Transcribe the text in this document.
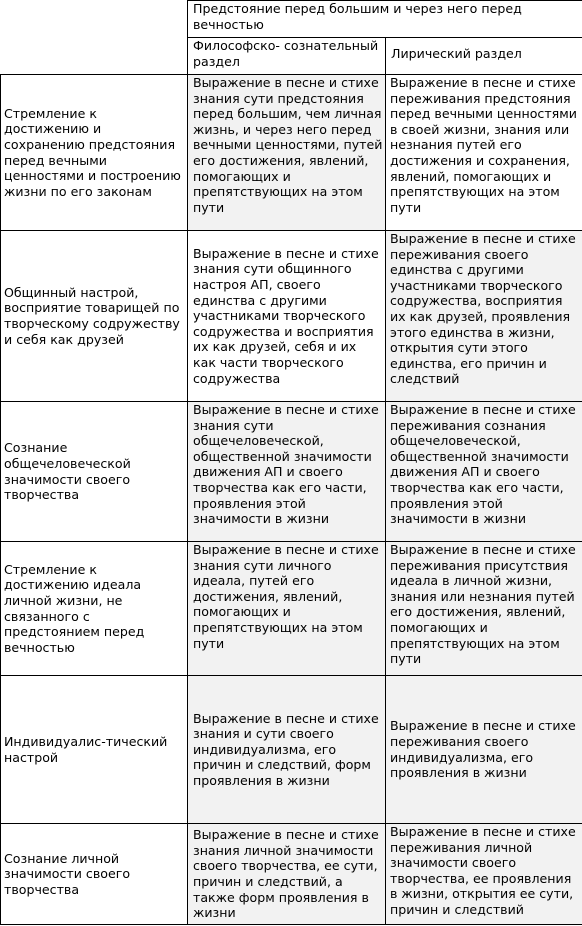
	Предстояние перед большим и через него перед вечностью	
	Философско- сознательный раздел	Лирический раздел
Стремление к достижению и сохранению предстояния перед вечными ценностями и построению жизни по его законам	Выражение в песне и стихе знания сути предстояния перед большим, чем личная жизнь, и через него перед вечными ценностями, путей его достижения, явлений, помогающих и препятствующих на этом пути	Выражение в песне и стихе переживания предстояния перед вечными ценностями в своей жизни, знания или незнания путей его достижения и сохранения, явлений, помогающих и препятствующих на этом пути
Общинный настрой, восприятие товарищей по творческому содружеству и себя как друзей	Выражение в песне и стихе знания сути общинного настроя АП, своего единства с другими участниками творческого содружества и восприятия их как друзей, себя и их как части творческого содружества	Выражение в песне и стихе переживания своего единства с другими участниками творческого содружества, восприятия их как друзей, проявления этого единства в жизни, открытия сути этого единства, его причин и следствий
Сознание общечеловеческой значимости своего творчества	Выражение в песне и стихе знания сути общечеловеческой, общественной значимости движения АП и своего творчества как его части, проявления этой значимости в жизни	Выражение в песне и стихе переживания сознания общечеловеческой, общественной значимости движения АП и своего творчества как его части, проявления этой значимости в жизни
Стремление к достижению идеала личной жизни, не связанного с предстоянием перед вечностью	Выражение в песне и стихе знания сути личного идеала, путей его достижения, явлений, помогающих и препятствующих на этом пути	Выражение в песне и стихе переживания присутствия идеала в личной жизни, знания или незнания путей его достижения, явлений, помогающих и препятствующих на этом пути
Индивидуалис-тический настрой	Выражение в песне и стихе знания и сути своего индивидуализма, его причин и следствий, форм проявления в жизни	Выражение в песне и стихе переживания своего индивидуализма, его проявления в жизни
Сознание личной значимости своего творчества	Выражение в песне и стихе знания личной значимости своего творчества, ее сути, причин и следствий, а также форм проявления в жизни	Выражение в песне и стихе переживания личной значимости своего творчества, ее проявления в жизни, открытия ее сути, причин и следствий
